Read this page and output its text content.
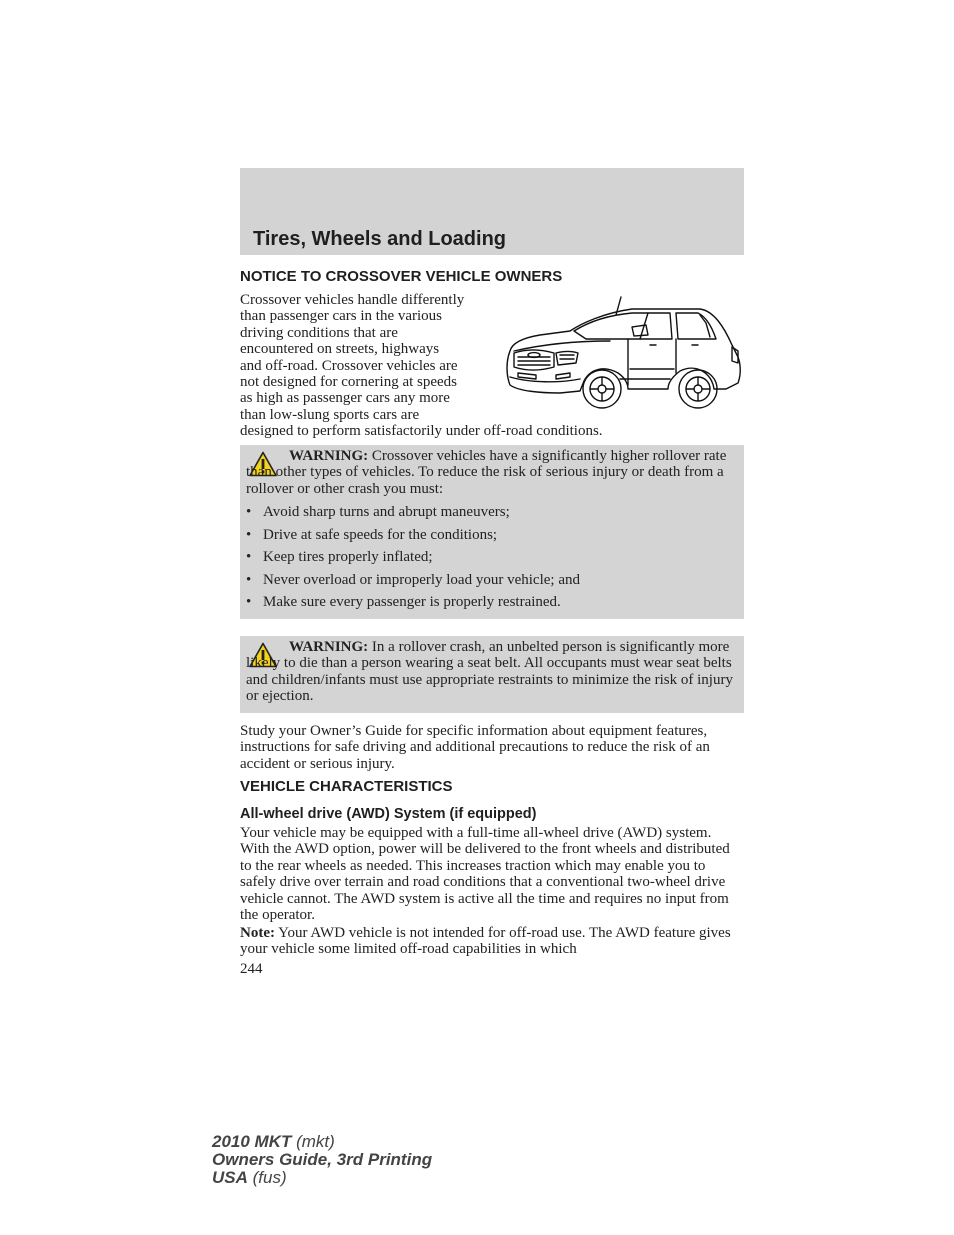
Tires, Wheels and Loading
NOTICE TO CROSSOVER VEHICLE OWNERS
Crossover vehicles handle differently
than passenger cars in the various
driving conditions that are
encountered on streets, highways
and off-road. Crossover vehicles are
not designed for cornering at speeds
as high as passenger cars any more
than low-slung sports cars are
designed to perform satisfactorily under off-road conditions.

WARNING: Crossover vehicles have a significantly higher rollover rate than other types of vehicles. To reduce the risk of serious injury or death from a rollover or other crash you must:

• Avoid sharp turns and abrupt maneuvers;
• Drive at safe speeds for the conditions;
• Keep tires properly inflated;
• Never overload or improperly load your vehicle; and
• Make sure every passenger is properly restrained.

WARNING: In a rollover crash, an unbelted person is significantly more likely to die than a person wearing a seat belt. All occupants must wear seat belts and children/infants must use appropriate restraints to minimize the risk of injury or ejection.

Study your Owner’s Guide for specific information about equipment features, instructions for safe driving and additional precautions to reduce the risk of an accident or serious injury.

VEHICLE CHARACTERISTICS
All-wheel drive (AWD) System (if equipped)

Your vehicle may be equipped with a full-time all-wheel drive (AWD) system. With the AWD option, power will be delivered to the front wheels and distributed to the rear wheels as needed. This increases traction which may enable you to safely drive over terrain and road conditions that a conventional two-wheel drive vehicle cannot. The AWD system is active all the time and requires no input from the operator.

Note: Your AWD vehicle is not intended for off-road use. The AWD feature gives your vehicle some limited off-road capabilities in which

244
2010 MKT (mkt)
Owners Guide, 3rd Printing
USA (fus)
